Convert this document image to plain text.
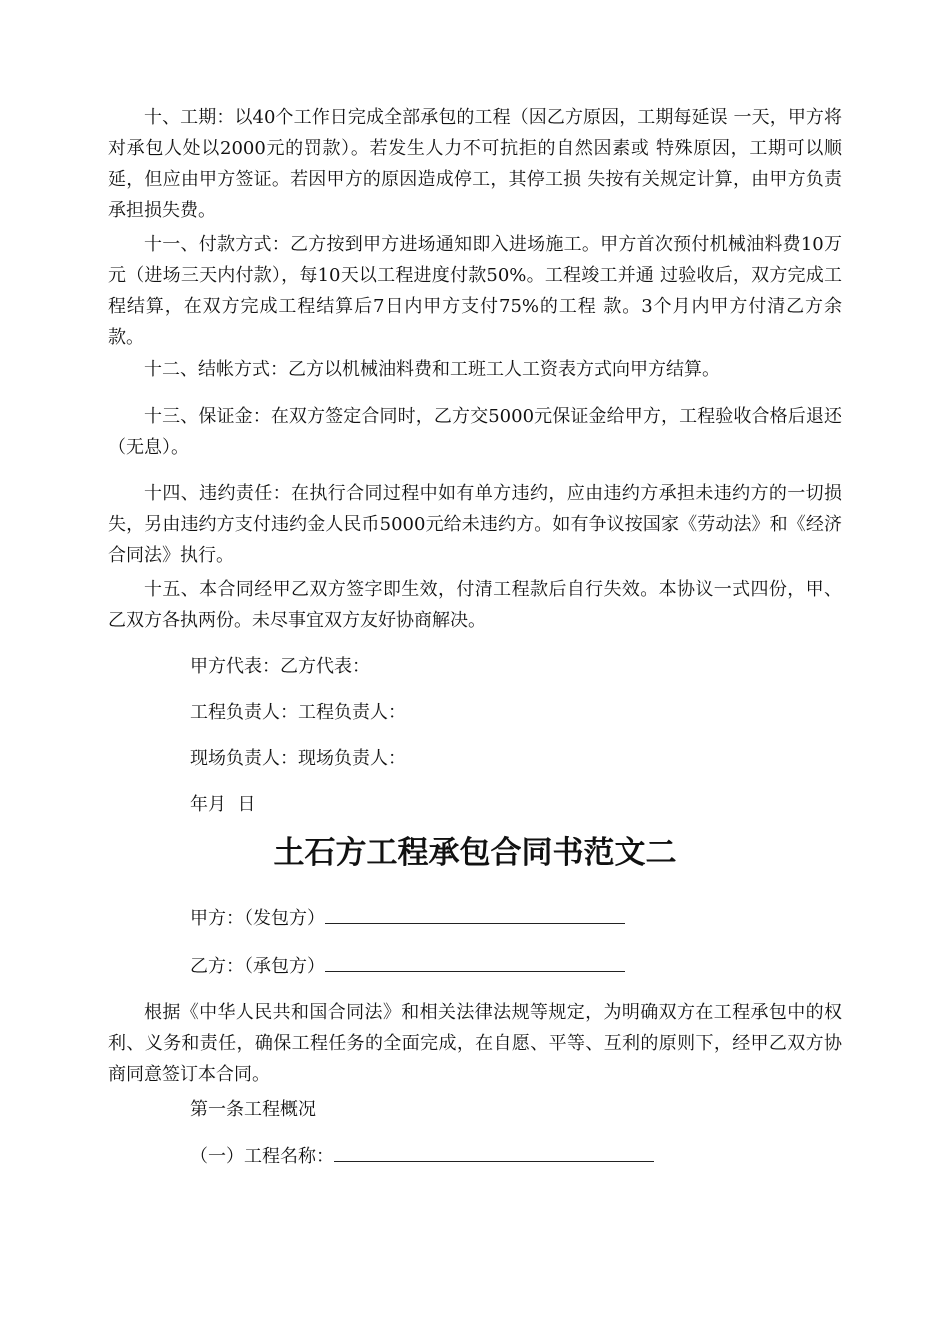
十、工期：以40个工作日完成全部承包的工程（因乙方原因，工期每延误 一天，甲方将对承包人处以2000元的罚款）。若发生人力不可抗拒的自然因素或 特殊原因，工期可以顺延，但应由甲方签证。若因甲方的原因造成停工，其停工损 失按有关规定计算，由甲方负责承担损失费。

十一、付款方式：乙方按到甲方进场通知即入进场施工。甲方首次预付机械油料费10万元（进场三天内付款），每10天以工程进度付款50%。工程竣工并通 过验收后，双方完成工程结算，在双方完成工程结算后7日内甲方支付75%的工程 款。3个月内甲方付清乙方余款。

十二、结帐方式：乙方以机械油料费和工班工人工资表方式向甲方结算。

十三、保证金：在双方签定合同时，乙方交5000元保证金给甲方，工程验收合格后退还（无息）。

十四、违约责任：在执行合同过程中如有单方违约，应由违约方承担未违约方的一切损失，另由违约方支付违约金人民币5000元给未违约方。如有争议按国家《劳动法》和《经济合同法》执行。

十五、本合同经甲乙双方签字即生效，付清工程款后自行失效。本协议一式四份，甲、乙双方各执两份。未尽事宜双方友好协商解决。

甲方代表：乙方代表：

工程负责人：工程负责人：

现场负责人：现场负责人：

年月  日

土石方工程承包合同书范文二

甲方：（发包方）

乙方：（承包方）

根据《中华人民共和国合同法》和相关法律法规等规定，为明确双方在工程承包中的权利、义务和责任，确保工程任务的全面完成，在自愿、平等、互利的原则下，经甲乙双方协商同意签订本合同。

第一条工程概况

（一）工程名称：
